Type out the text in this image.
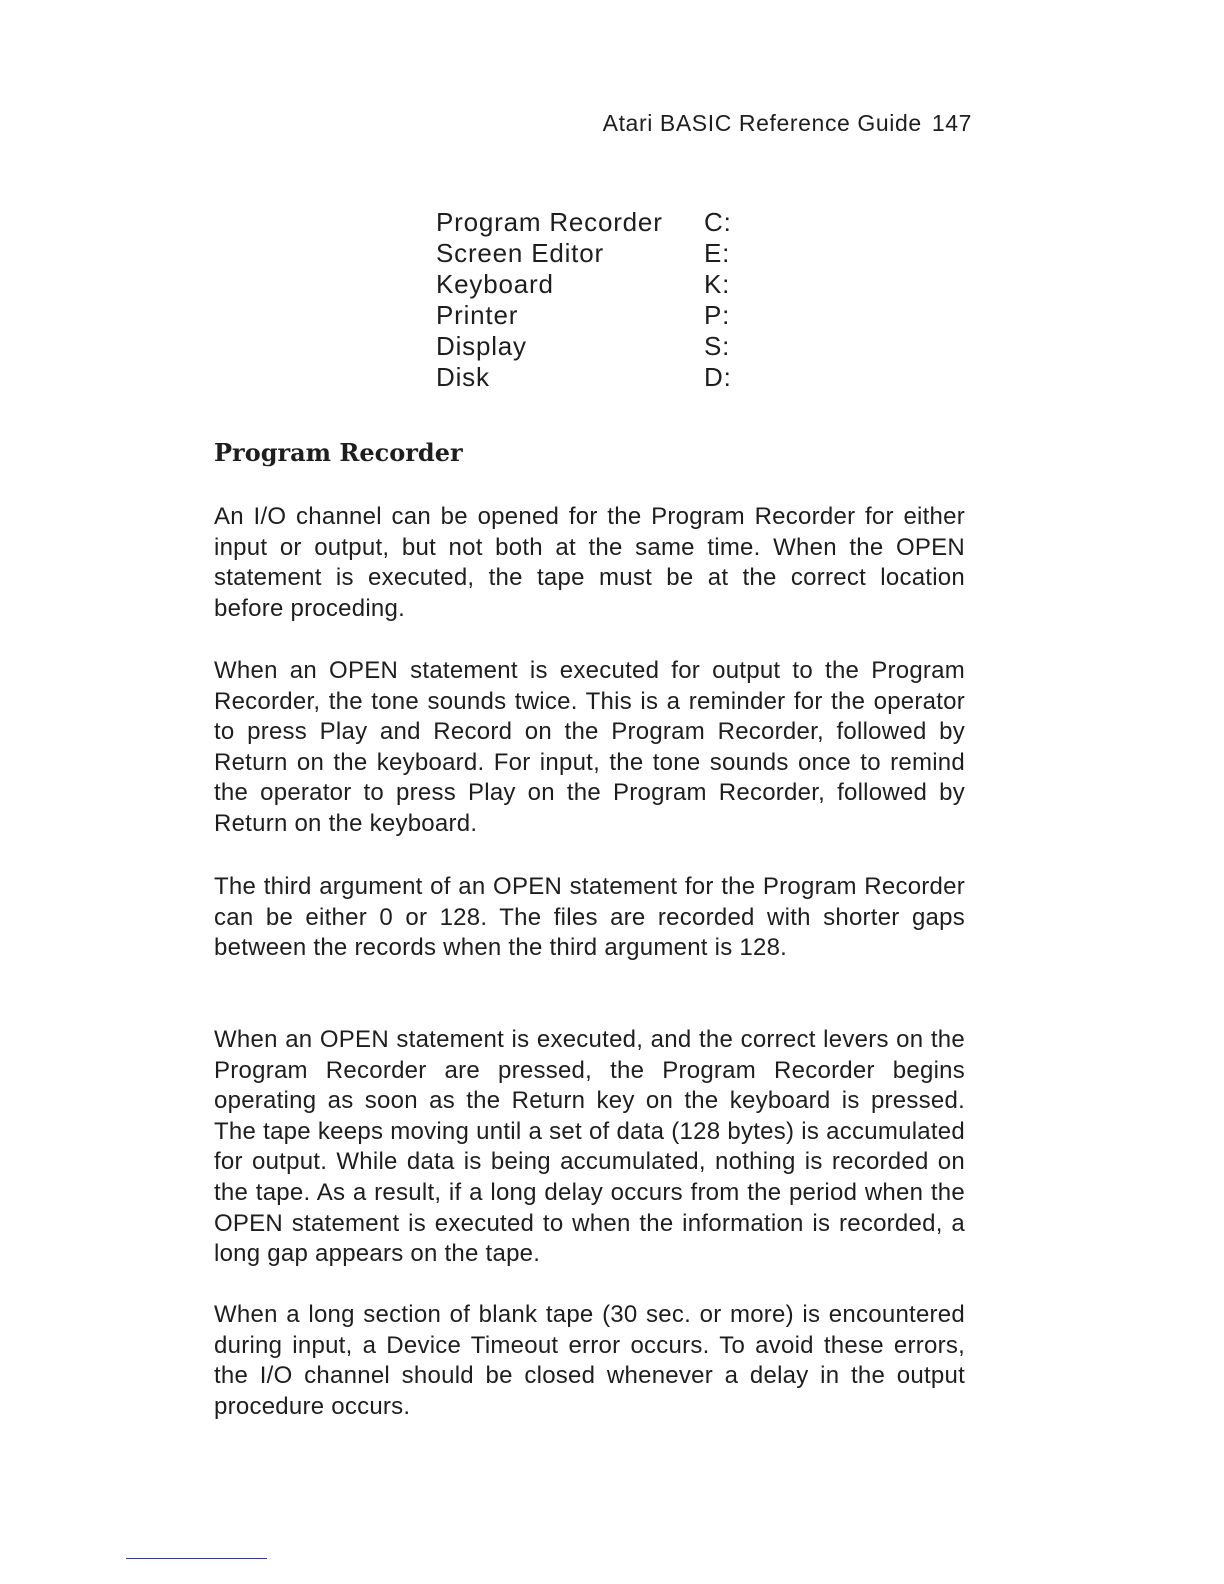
Atari BASIC Reference Guide 147
Program Recorder C:
Screen Editor	E:
Keyboard	K:
Printer	P:
Display	S:
Disk	D:
Program Recorder

An I/O channel can be opened for the Program Recorder for either input or output, but not both at the same time. When the OPEN statement is executed, the tape must be at the correct location before proceding.

When an OPEN statement is executed for output to the Program Recorder, the tone sounds twice. This is a reminder for the operator to press Play and Record on the Program Recorder, followed by Return on the keyboard. For input, the tone sounds once to remind the operator to press Play on the Program Recorder, followed by Return on the keyboard.

The third argument of an OPEN statement for the Program Recorder can be either 0 or 128. The files are recorded with shorter gaps between the records when the third argument is 128.

When an OPEN statement is executed, and the correct levers on the Program Recorder are pressed, the Program Recorder begins operating as soon as the Return key on the keyboard is pressed. The tape keeps moving until a set of data (128 bytes) is accumulated for output. While data is being accumulated, nothing is recorded on the tape. As a result, if a long delay occurs from the period when the OPEN statement is executed to when the information is recorded, a long gap appears on the tape.

When a long section of blank tape (30 sec. or more) is encountered during input, a Device Timeout error occurs. To avoid these errors, the I/O channel should be closed whenever a delay in the output procedure occurs.
